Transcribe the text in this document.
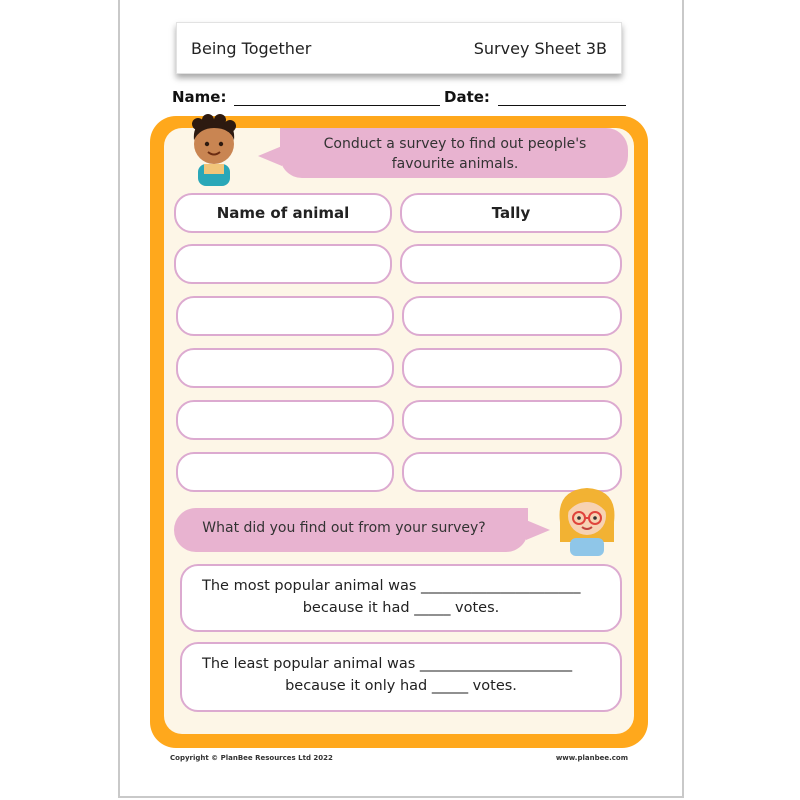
Being Together	Survey Sheet 3B
Name:	Date:
Conduct a survey to find out people's favourite animals.
Name of animal	Tally
What did you find out from your survey?
The most popular animal was ______________________
because it had _____ votes.
The least popular animal was _____________________
because it only had _____ votes.
Copyright © PlanBee Resources Ltd 2022	www.planbee.com
